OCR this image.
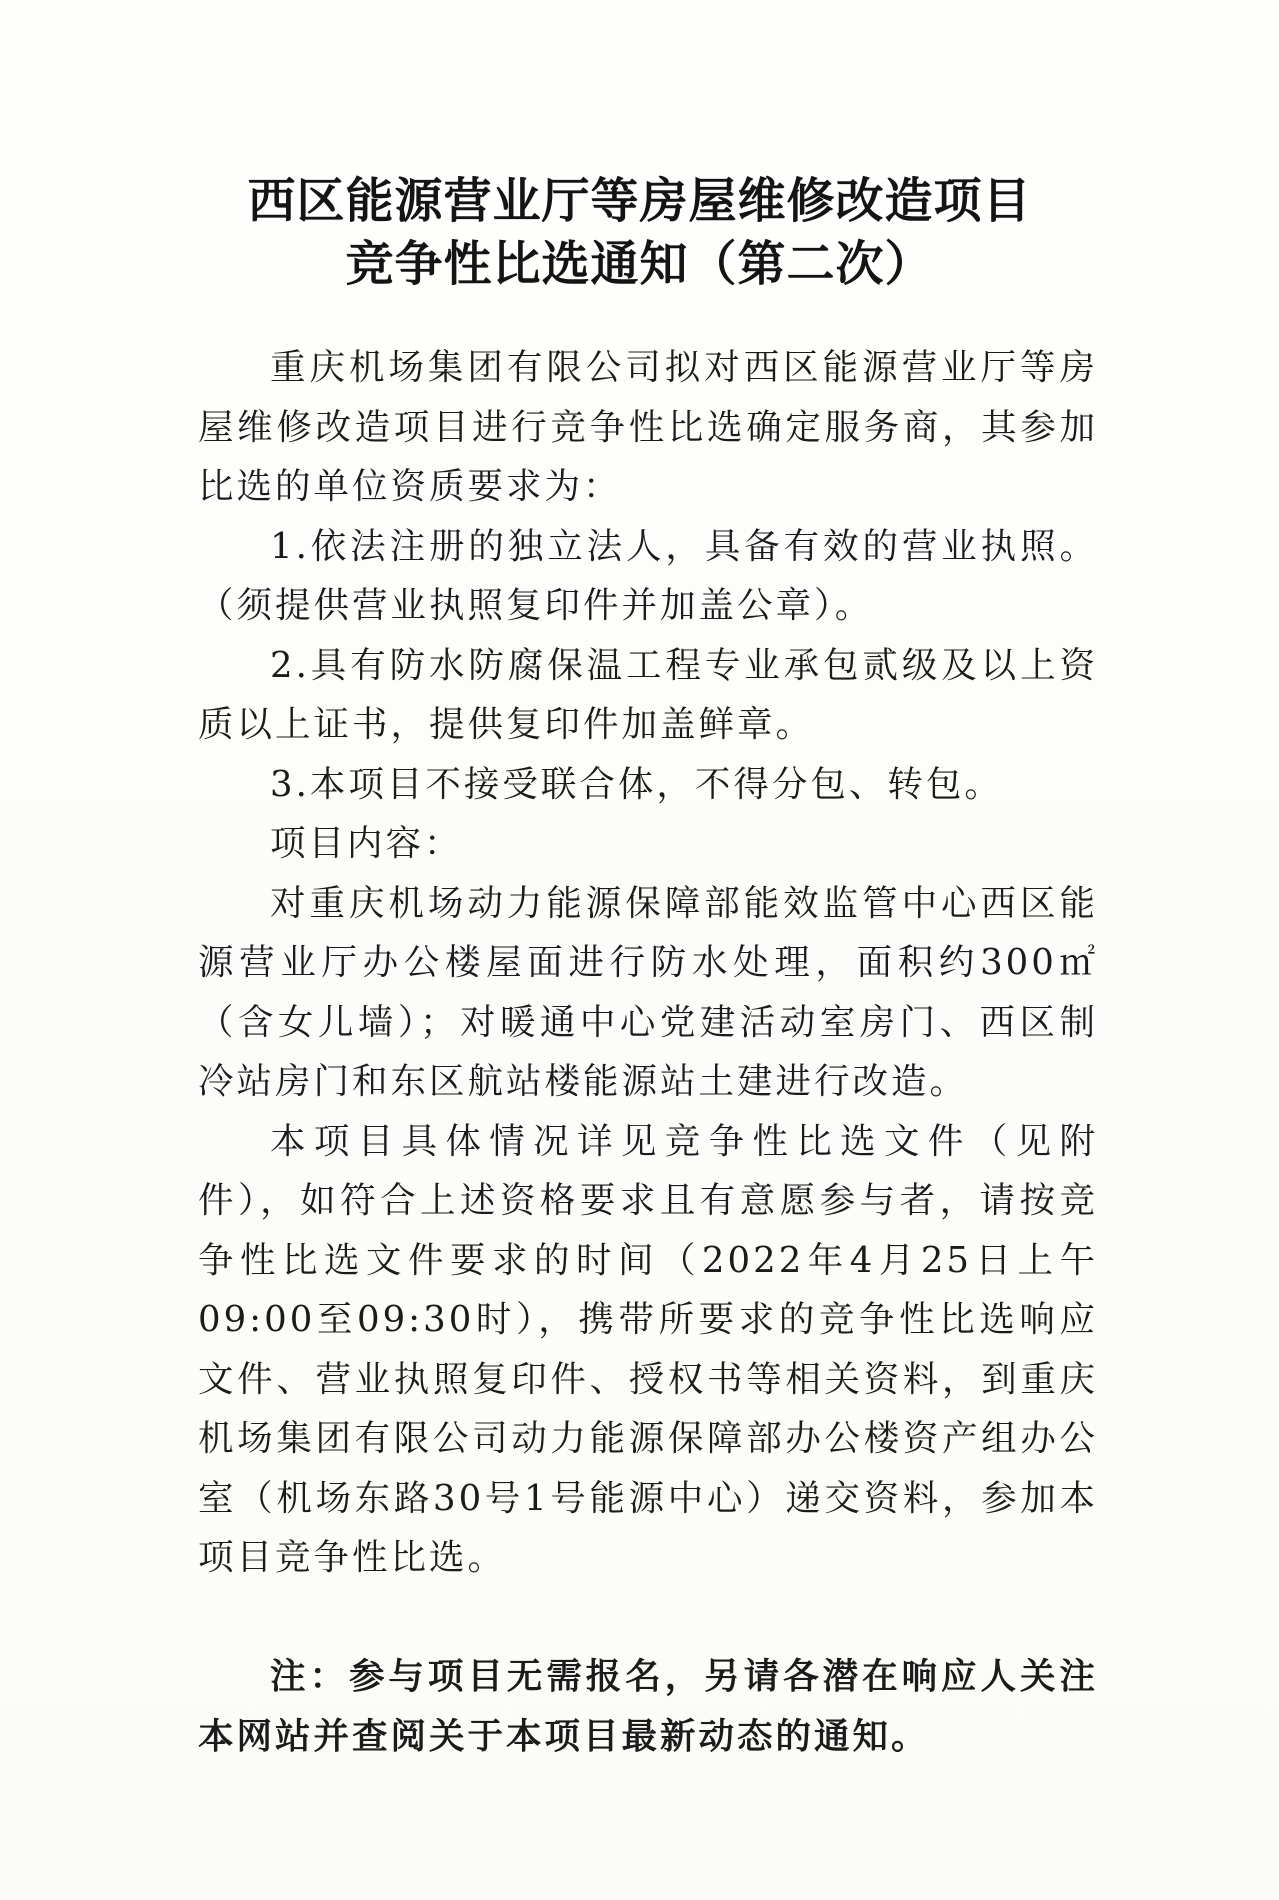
西区能源营业厅等房屋维修改造项目
竞争性比选通知（第二次）

重庆机场集团有限公司拟对西区能源营业厅等房屋维修改造项目进行竞争性比选确定服务商，其参加比选的单位资质要求为：

1.依法注册的独立法人，具备有效的营业执照。（须提供营业执照复印件并加盖公章）。

2.具有防水防腐保温工程专业承包贰级及以上资质以上证书，提供复印件加盖鲜章。

3.本项目不接受联合体，不得分包、转包。

项目内容：

对重庆机场动力能源保障部能效监管中心西区能源营业厅办公楼屋面进行防水处理，面积约300㎡（含女儿墙）；对暖通中心党建活动室房门、西区制冷站房门和东区航站楼能源站土建进行改造。

本项目具体情况详见竞争性比选文件（见附件），如符合上述资格要求且有意愿参与者，请按竞争性比选文件要求的时间（2022年4月25日上午09:00至09:30时），携带所要求的竞争性比选响应文件、营业执照复印件、授权书等相关资料，到重庆机场集团有限公司动力能源保障部办公楼资产组办公室（机场东路30号1号能源中心）递交资料，参加本项目竞争性比选。

注：参与项目无需报名，另请各潜在响应人关注本网站并查阅关于本项目最新动态的通知。
